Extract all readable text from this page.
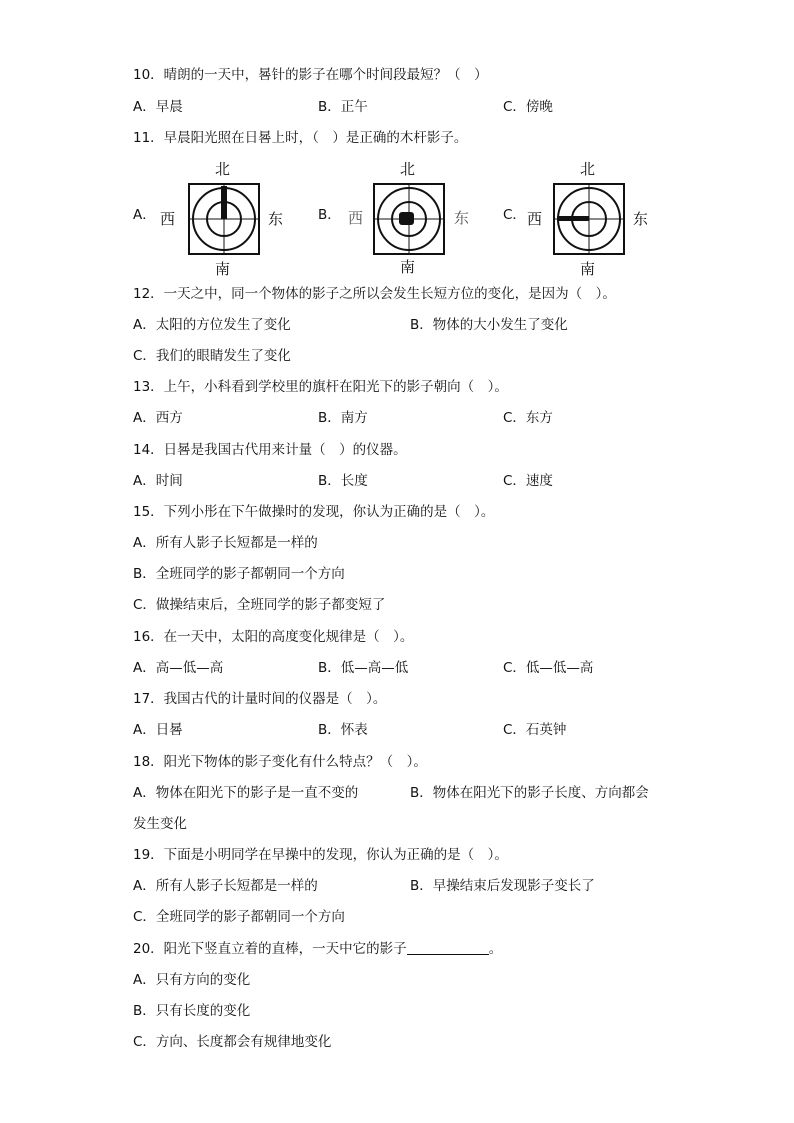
10．晴朗的一天中，晷针的影子在哪个时间段最短？（　）
A．早晨	B．正午	C．傍晚
11．早晨阳光照在日晷上时，（　）是正确的木杆影子。
A．	B．	C．
北
西	东
南
北
西	东
南
北
西	东
南
12．一天之中，同一个物体的影子之所以会发生长短方位的变化，是因为（　）。
A．太阳的方位发生了变化	B．物体的大小发生了变化
C．我们的眼睛发生了变化
13．上午，小科看到学校里的旗杆在阳光下的影子朝向（　）。
A．西方	B．南方	C．东方
14．日晷是我国古代用来计量（　）的仪器。
A．时间	B．长度	C．速度
15．下列小彤在下午做操时的发现，你认为正确的是（　）。
A．所有人影子长短都是一样的
B．全班同学的影子都朝同一个方向
C．做操结束后，全班同学的影子都变短了
16．在一天中，太阳的高度变化规律是（　）。
A．高—低—高	B．低—高—低	C．低—低—高
17．我国古代的计量时间的仪器是（　）。
A．日晷	B．怀表	C．石英钟
18．阳光下物体的影子变化有什么特点？（　）。
A．物体在阳光下的影子是一直不变的	B．物体在阳光下的影子长度、方向都会
发生变化
19．下面是小明同学在早操中的发现，你认为正确的是（　）。
A．所有人影子长短都是一样的	B．早操结束后发现影子变长了
C．全班同学的影子都朝同一个方向
20．阳光下竖直立着的直棒，一天中它的影子	。
A．只有方向的变化
B．只有长度的变化
C．方向、长度都会有规律地变化
